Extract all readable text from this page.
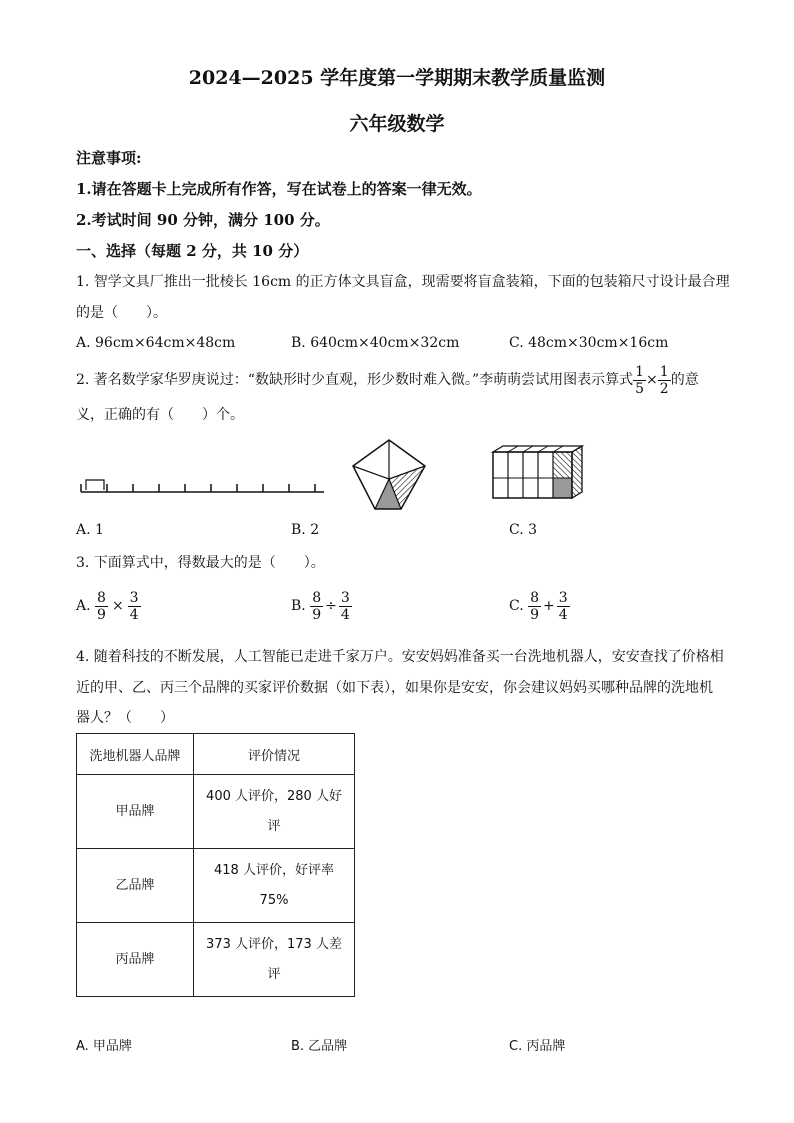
2024—2025 学年度第一学期期末教学质量监测
六年级数学
注意事项:
1.请在答题卡上完成所有作答，写在试卷上的答案一律无效。
2.考试时间 90 分钟，满分 100 分。
一、选择（每题 2 分，共 10 分）
1. 智学文具厂推出一批棱长 16cm 的正方体文具盲盒，现需要将盲盒装箱，下面的包装箱尺寸设计最合理
的是（　　）。
A. 96cm×64cm×48cm	B. 640cm×40cm×32cm	C. 48cm×30cm×16cm
2. 著名数学家华罗庚说过：“数缺形时少直观，形少数时难入微。”李萌萌尝试用图表示算式 $\frac{1}{5} \times \frac{1}{2}$ 的意
义，正确的有（　　）个。
A. 1	B. 2	C. 3
3. 下面算式中，得数最大的是（　　）。
A. $\frac{8}{9} \times \frac{3}{4}$	B. $\frac{8}{9} \div \frac{3}{4}$	C. $\frac{8}{9} + \frac{3}{4}$
4. 随着科技的不断发展，人工智能已走进千家万户。安安妈妈准备买一台洗地机器人，安安查找了价格相
近的甲、乙、丙三个品牌的买家评价数据（如下表），如果你是安安，你会建议妈妈买哪种品牌的洗地机
器人？（　　）
洗地机器人品牌	评价情况
甲品牌	400 人评价，280 人好评
乙品牌	418 人评价，好评率 75%
丙品牌	373 人评价，173 人差评
A. 甲品牌	B. 乙品牌	C. 丙品牌
